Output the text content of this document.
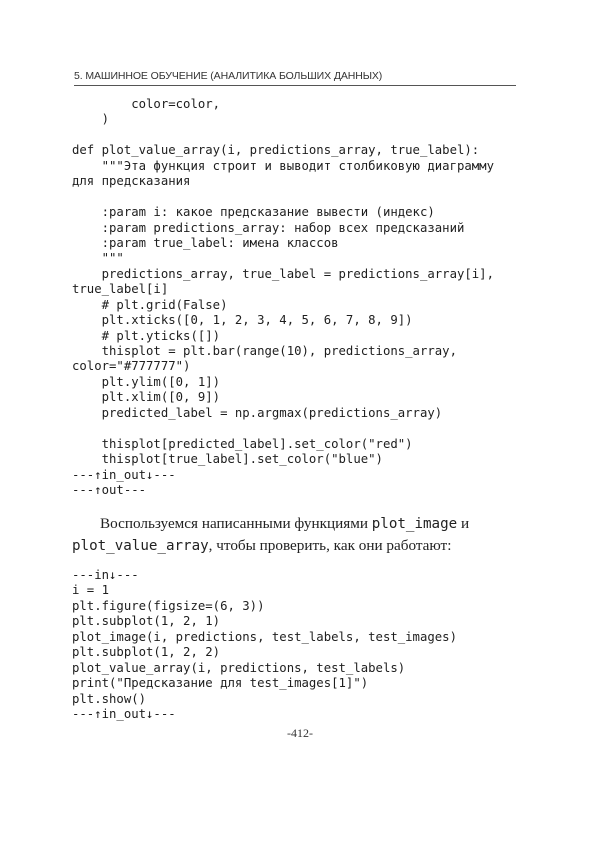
5. МАШИННОЕ ОБУЧЕНИЕ (АНАЛИТИКА БОЛЬШИХ ДАННЫХ)
color=color,
)
def plot_value_array(i, predictions_array, true_label):
"""Эта функция строит и выводит столбиковую диаграмму
для предсказания
:param i: какое предсказание вывести (индекс)
:param predictions_array: набор всех предсказаний
:param true_label: имена классов
"""
predictions_array, true_label = predictions_array[i],
true_label[i]
# plt.grid(False)
plt.xticks([0, 1, 2, 3, 4, 5, 6, 7, 8, 9])
# plt.yticks([])
thisplot = plt.bar(range(10), predictions_array,
color="#777777")
plt.ylim([0, 1])
plt.xlim([0, 9])
predicted_label = np.argmax(predictions_array)
thisplot[predicted_label].set_color("red")
thisplot[true_label].set_color("blue")
---↑in_out↓---
---↑out---

Воспользуемся написанными функциями plot_image и plot_value_array, чтобы проверить, как они работают:

---in↓---
i = 1
plt.figure(figsize=(6, 3))
plt.subplot(1, 2, 1)
plot_image(i, predictions, test_labels, test_images)
plt.subplot(1, 2, 2)
plot_value_array(i, predictions, test_labels)
print("Предсказание для test_images[1]")
plt.show()
---↑in_out↓---
-412-
